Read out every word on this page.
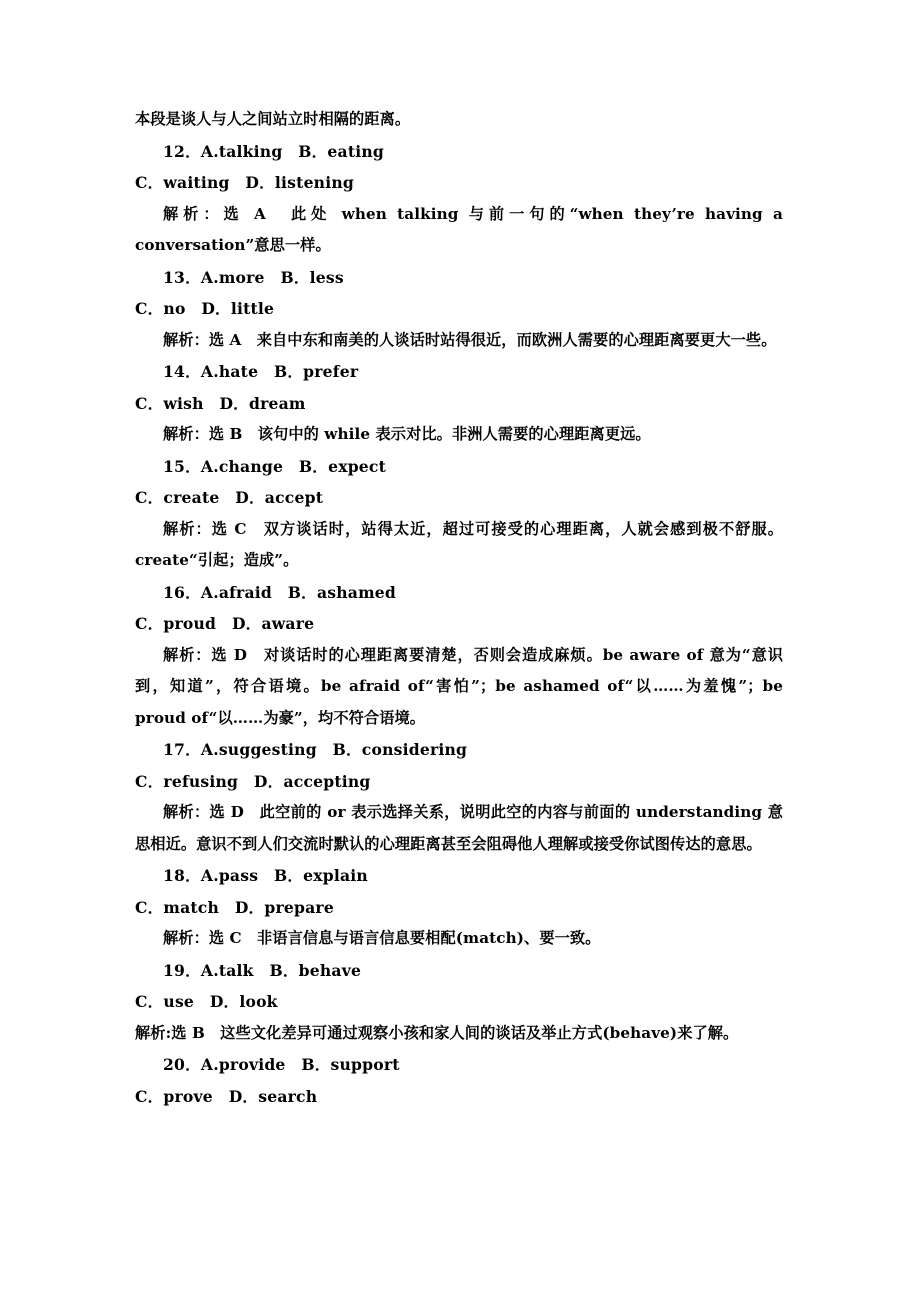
本段是谈人与人之间站立时相隔的距离。
12．A.talking　B．eating
C．waiting　D．listening
解析：选 A　此处 when talking 与前一句的“when they’re having a conversation”意思一样。
13．A.more　B．less
C．no　D．little
解析：选 A　来自中东和南美的人谈话时站得很近，而欧洲人需要的心理距离要更大一些。
14．A.hate　B．prefer
C．wish　D．dream
解析：选 B　该句中的 while 表示对比。非洲人需要的心理距离更远。
15．A.change　B．expect
C．create　D．accept
解析：选 C　双方谈话时，站得太近，超过可接受的心理距离，人就会感到极不舒服。create“引起；造成”。
16．A.afraid　B．ashamed
C．proud　D．aware
解析：选 D　对谈话时的心理距离要清楚，否则会造成麻烦。be aware of 意为“意识到，知道”，符合语境。be afraid of“害怕”；be ashamed of“以……为羞愧”；be proud of“以……为豪”，均不符合语境。
17．A.suggesting　B．considering
C．refusing　D．accepting
解析：选 D　此空前的 or 表示选择关系，说明此空的内容与前面的 understanding 意思相近。意识不到人们交流时默认的心理距离甚至会阻碍他人理解或接受你试图传达的意思。
18．A.pass　B．explain
C．match　D．prepare
解析：选 C　非语言信息与语言信息要相配(match)、要一致。
19．A.talk　B．behave
C．use　D．look
解析:选 B　这些文化差异可通过观察小孩和家人间的谈话及举止方式(behave)来了解。
20．A.provide　B．support
C．prove　D．search
